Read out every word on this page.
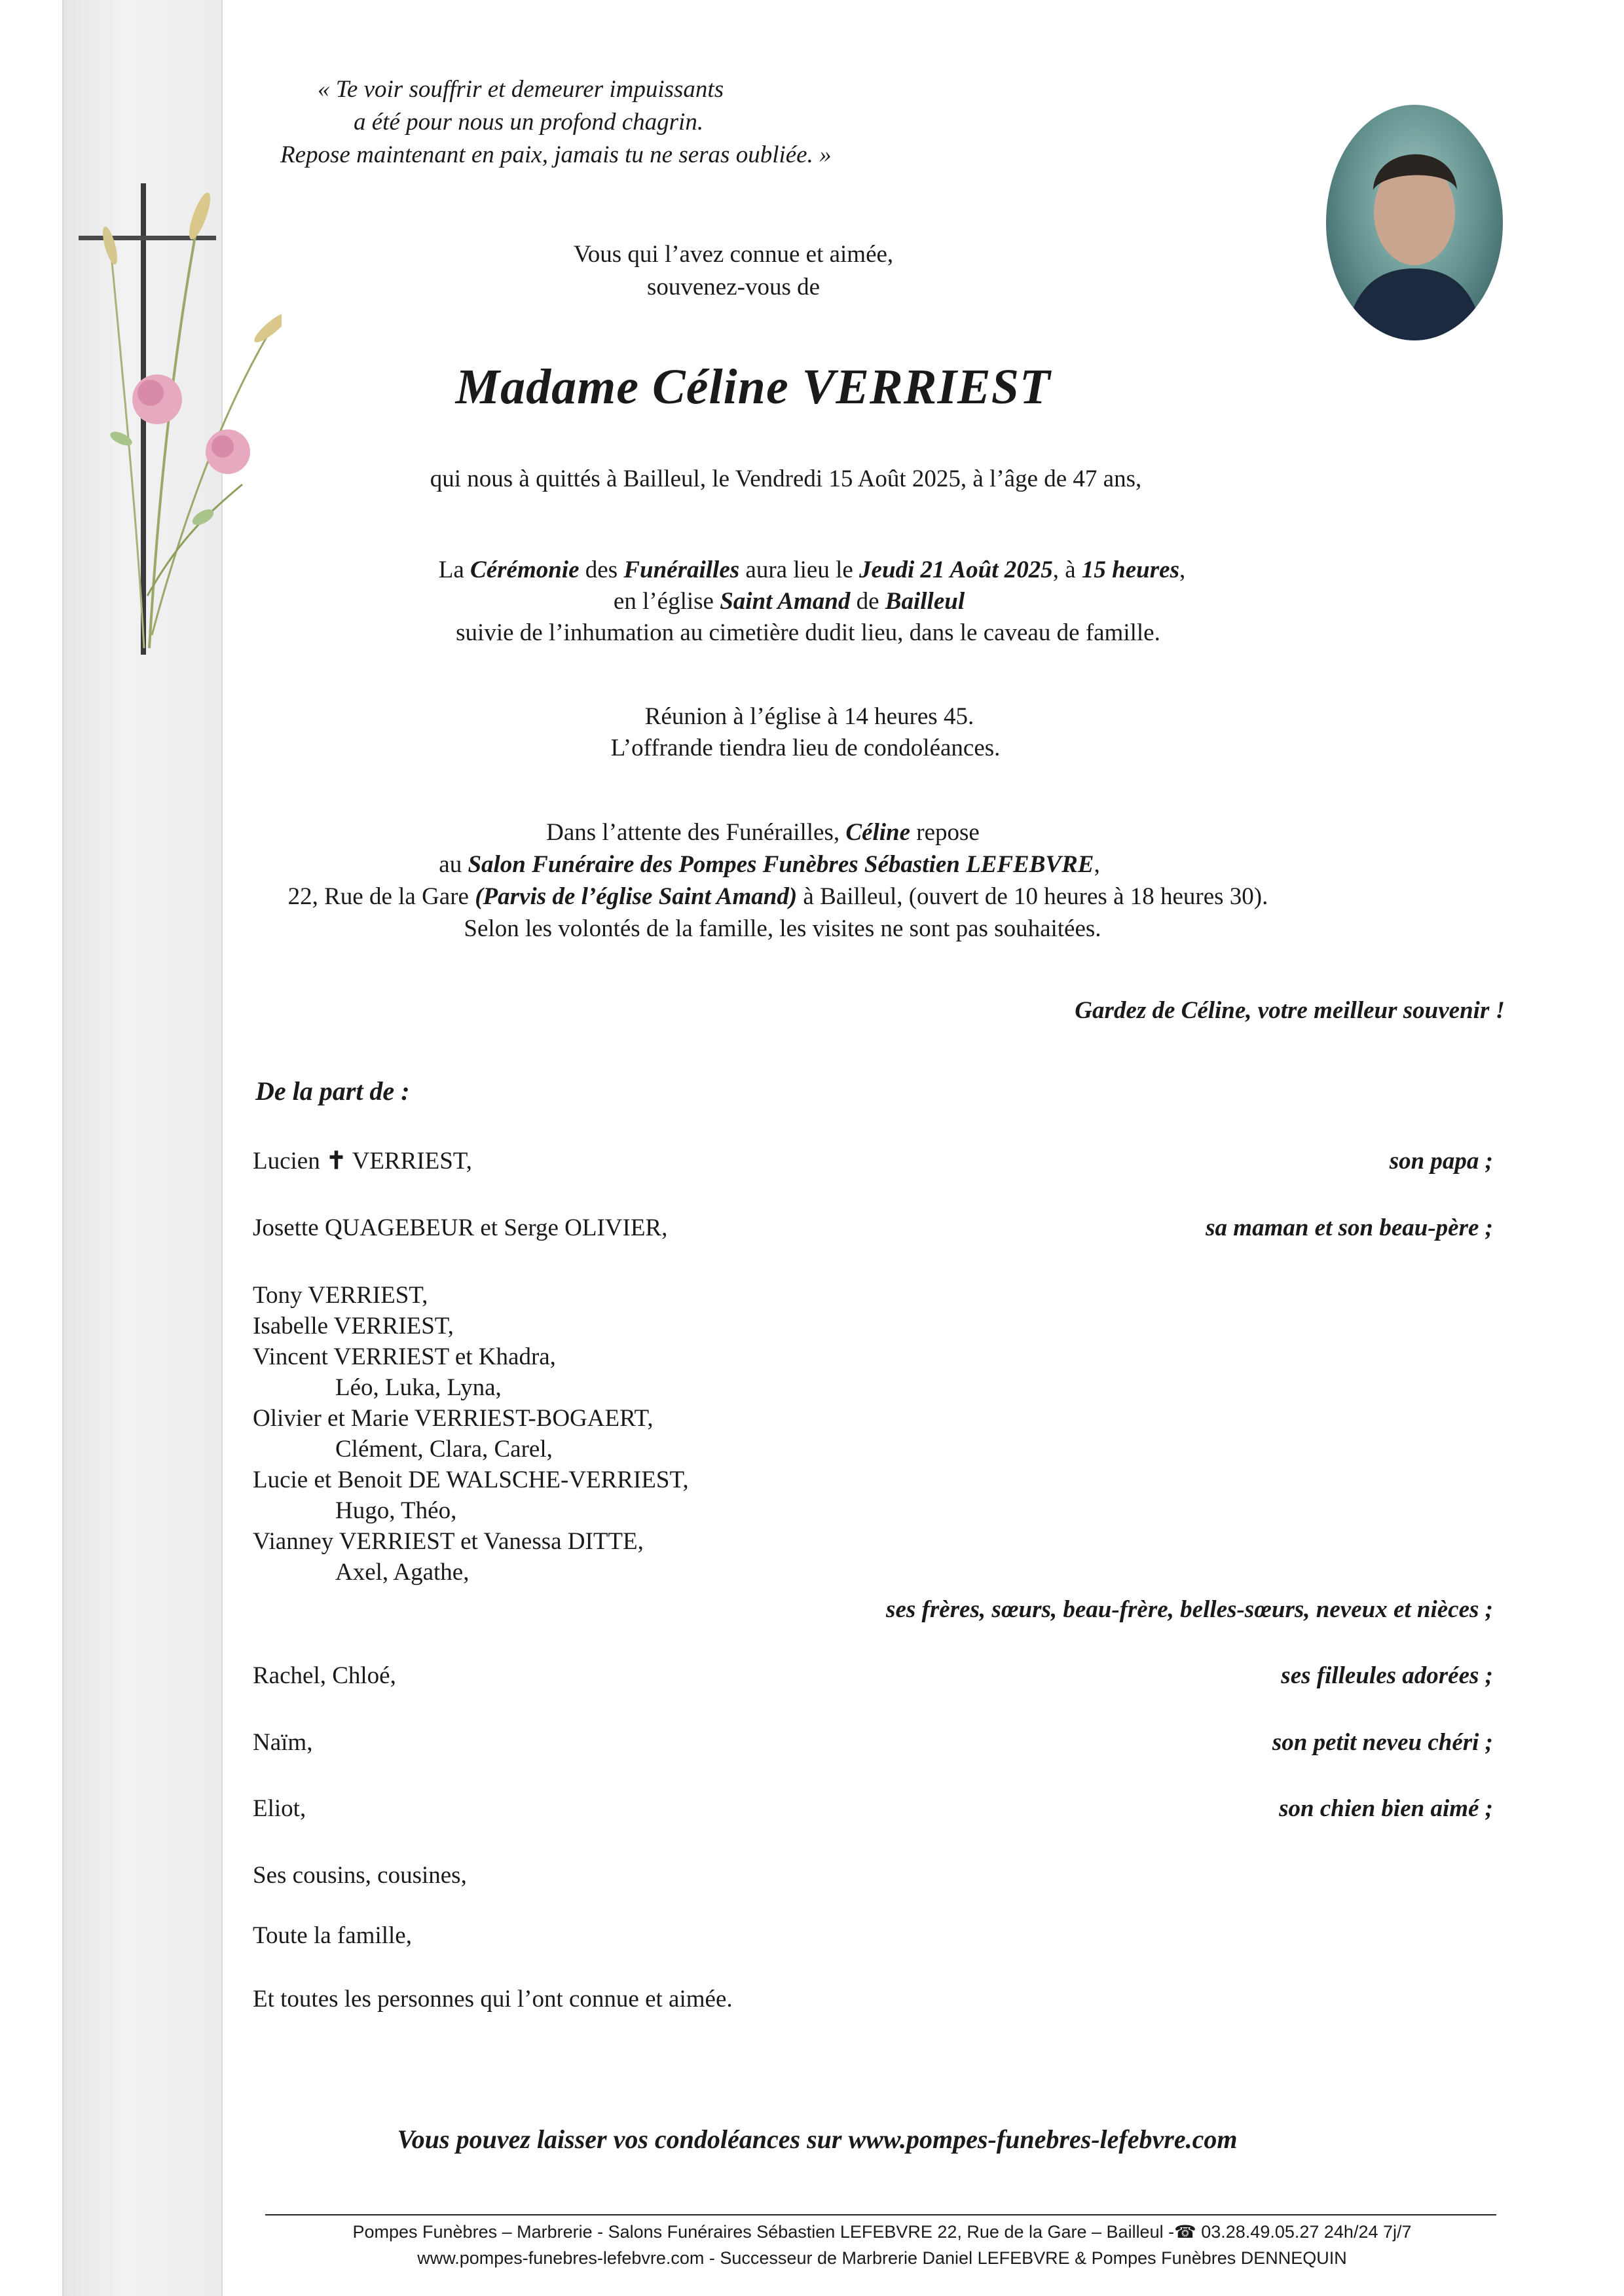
« Te voir souffrir et demeurer impuissants
a été pour nous un profond chagrin.
Repose maintenant en paix, jamais tu ne seras oubliée. »
Vous qui l’avez connue et aimée,
souvenez-vous de
Madame Céline VERRIEST
qui nous à quittés à Bailleul, le Vendredi 15 Août 2025, à l’âge de 47 ans,
La Cérémonie des Funérailles aura lieu le Jeudi 21 Août 2025, à 15 heures,
en l’église Saint Amand de Bailleul
suivie de l’inhumation au cimetière dudit lieu, dans le caveau de famille.
Réunion à l’église à 14 heures 45.
L’offrande tiendra lieu de condoléances.
Dans l’attente des Funérailles, Céline repose
au Salon Funéraire des Pompes Funèbres Sébastien LEFEBVRE,
22, Rue de la Gare (Parvis de l’église Saint Amand) à Bailleul, (ouvert de 10 heures à 18 heures 30).
Selon les volontés de la famille, les visites ne sont pas souhaitées.
Gardez de Céline, votre meilleur souvenir !
De la part de :
Lucien ✝ VERRIEST,	son papa ;
Josette QUAGEBEUR et Serge OLIVIER,	sa maman et son beau-père ;
Tony VERRIEST,
Isabelle VERRIEST,
Vincent VERRIEST et Khadra,
Léo, Luka, Lyna,
Olivier et Marie VERRIEST-BOGAERT,
Clément, Clara, Carel,
Lucie et Benoit DE WALSCHE-VERRIEST,
Hugo, Théo,
Vianney VERRIEST et Vanessa DITTE,
Axel, Agathe,
ses frères, sœurs, beau-frère, belles-sœurs, neveux et nièces ;
Rachel, Chloé,	ses filleules adorées ;
Naïm,	son petit neveu chéri ;
Eliot,	son chien bien aimé ;
Ses cousins, cousines,
Toute la famille,
Et toutes les personnes qui l’ont connue et aimée.
Vous pouvez laisser vos condoléances sur www.pompes-funebres-lefebvre.com
Pompes Funèbres – Marbrerie - Salons Funéraires Sébastien LEFEBVRE 22, Rue de la Gare – Bailleul -☎ 03.28.49.05.27 24h/24 7j/7
www.pompes-funebres-lefebvre.com - Successeur de Marbrerie Daniel LEFEBVRE & Pompes Funèbres DENNEQUIN
